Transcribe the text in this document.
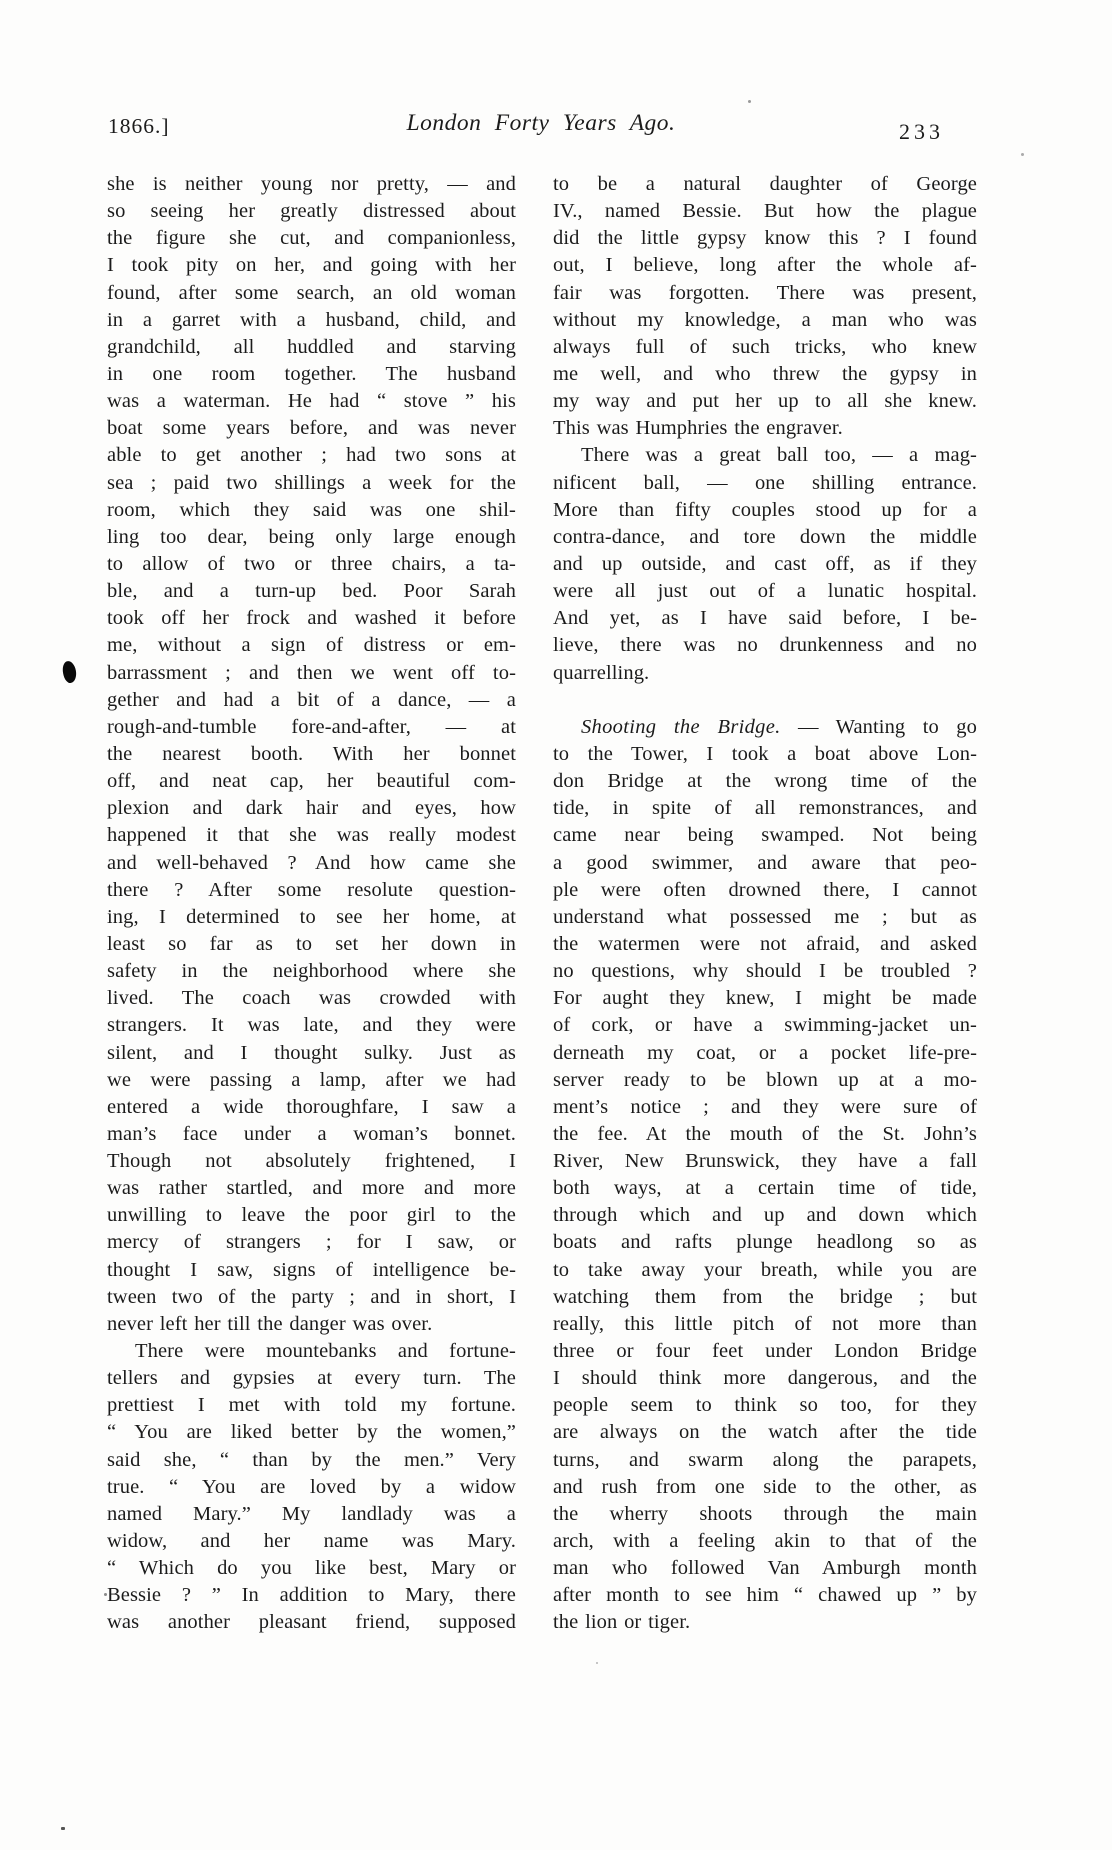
1866.]	London Forty Years Ago.	233
she is neither young nor pretty, — and
so seeing her greatly distressed about
the figure she cut, and companionless,
I took pity on her, and going with her
found, after some search, an old woman
in a garret with a husband, child, and
grandchild, all huddled and starving
in one room together. The husband
was a waterman. He had “ stove ” his
boat some years before, and was never
able to get another ; had two sons at
sea ; paid two shillings a week for the
room, which they said was one shil-
ling too dear, being only large enough
to allow of two or three chairs, a ta-
ble, and a turn-up bed. Poor Sarah
took off her frock and washed it before
me, without a sign of distress or em-
barrassment ; and then we went off to-
gether and had a bit of a dance, — a
rough-and-tumble fore-and-after, — at
the nearest booth. With her bonnet
off, and neat cap, her beautiful com-
plexion and dark hair and eyes, how
happened it that she was really modest
and well-behaved ? And how came she
there ? After some resolute question-
ing, I determined to see her home, at
least so far as to set her down in
safety in the neighborhood where she
lived. The coach was crowded with
strangers. It was late, and they were
silent, and I thought sulky. Just as
we were passing a lamp, after we had
entered a wide thoroughfare, I saw a
man’s face under a woman’s bonnet.
Though not absolutely frightened, I
was rather startled, and more and more
unwilling to leave the poor girl to the
mercy of strangers ; for I saw, or
thought I saw, signs of intelligence be-
tween two of the party ; and in short, I
never left her till the danger was over.
There were mountebanks and fortune-
tellers and gypsies at every turn. The
prettiest I met with told my fortune.
“ You are liked better by the women,”
said she, “ than by the men.” Very
true. “ You are loved by a widow
named Mary.” My landlady was a
widow, and her name was Mary.
“ Which do you like best, Mary or
Bessie ? ” In addition to Mary, there
was another pleasant friend, supposed
to be a natural daughter of George
IV., named Bessie. But how the plague
did the little gypsy know this ? I found
out, I believe, long after the whole af-
fair was forgotten. There was present,
without my knowledge, a man who was
always full of such tricks, who knew
me well, and who threw the gypsy in
my way and put her up to all she knew.
This was Humphries the engraver.
There was a great ball too, — a mag-
nificent ball, — one shilling entrance.
More than fifty couples stood up for a
contra-dance, and tore down the middle
and up outside, and cast off, as if they
were all just out of a lunatic hospital.
And yet, as I have said before, I be-
lieve, there was no drunkenness and no
quarrelling.
Shooting the Bridge. — Wanting to go
to the Tower, I took a boat above Lon-
don Bridge at the wrong time of the
tide, in spite of all remonstrances, and
came near being swamped. Not being
a good swimmer, and aware that peo-
ple were often drowned there, I cannot
understand what possessed me ; but as
the watermen were not afraid, and asked
no questions, why should I be troubled ?
For aught they knew, I might be made
of cork, or have a swimming-jacket un-
derneath my coat, or a pocket life-pre-
server ready to be blown up at a mo-
ment’s notice ; and they were sure of
the fee. At the mouth of the St. John’s
River, New Brunswick, they have a fall
both ways, at a certain time of tide,
through which and up and down which
boats and rafts plunge headlong so as
to take away your breath, while you are
watching them from the bridge ; but
really, this little pitch of not more than
three or four feet under London Bridge
I should think more dangerous, and the
people seem to think so too, for they
are always on the watch after the tide
turns, and swarm along the parapets,
and rush from one side to the other, as
the wherry shoots through the main
arch, with a feeling akin to that of the
man who followed Van Amburgh month
after month to see him “ chawed up ” by
the lion or tiger.
